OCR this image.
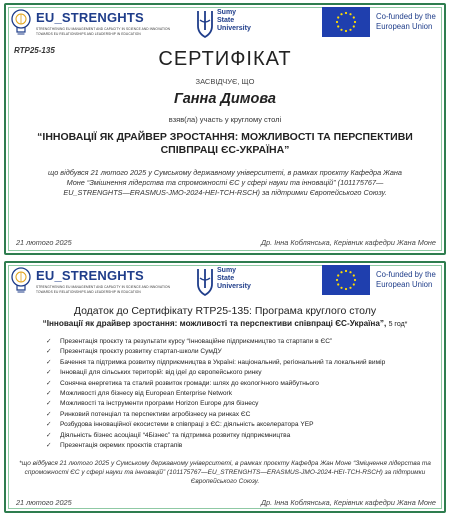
EU_STRENGHTS
STRENGTHENING EU MANAGEMENT AND CAPACITY IN SCIENCE AND INNOVATION
TOWARDS EU RELATIONSHIPS AND LEADERSHIP IN EDUCATION
Sumy
State
University
Co-funded by the
European Union
RTP25-135	СЕРТИФІКАТ
ЗАСВІДЧУЄ, ЩО
Ганна Димова
взяв(ла) участь у круглому столі
“ІННОВАЦІЇ ЯК ДРАЙВЕР ЗРОСТАННЯ: МОЖЛИВОСТІ ТА ПЕРСПЕКТИВИ СПІВПРАЦІ ЄС-УКРАЇНА”
що відбувся 21 лютого 2025 у Сумському державному університеті, в рамках проєкту Кафедра Жана Моне “Змішнення лідерства та спроможності ЄС у сфері науки та інновацій” (101175767—EU_STRENGHTS—ERASMUS-JMO-2024-HEI-TCH-RSCH) за підтримки Європейського Союзу.
21 лютого 2025	Др. Інна Коблянська, Керівник кафедри Жана Моне
EU_STRENGHTS
STRENGTHENING EU MANAGEMENT AND CAPACITY IN SCIENCE AND INNOVATION
TOWARDS EU RELATIONSHIPS AND LEADERSHIP IN EDUCATION
Sumy
State
University
Co-funded by the
European Union
Додаток до Сертифікату RTP25-135: Програма круглого столу
“Інновації як драйвер зростання: можливості та перспективи співпраці ЄС-Україна”, 5 год*
✓ Презентація проєкту та результати курсу “Інноваційне підприємництво та стартапи в ЄС”
✓ Презентація проєкту розвитку стартап-школи СумДУ
✓ Бачення та підтримка розвитку підприємництва в Україні: національний, регіональний та локальний вимір
✓ Інновації для сільських територій: від ідеї до європейського ринку
✓ Сонячна енергетика та сталий розвиток громади: шлях до екологічного майбутнього
✓ Можливості для бізнесу від European Enterprise Network
✓ Можливості та інструменти програми Horizon Europe для бізнесу
✓ Ринковий потенціал та перспективи агробізнесу на ринках ЄС
✓ Розбудова інноваційної екосистеми в співпраці з ЄС: діяльність акселератора YEP
✓ Діяльність бізнес асоціації “4Бізнес” та підтримка розвитку підприємництва
✓ Презентація окремих проєктів стартапів
*що відбувся 21 лютого 2025 у Сумському державному університеті, в рамках проєкту Кафедра Жан Моне “Зміцнення лідерства та спроможності ЄС у сфері науки та інновацій” (101175767—EU_STRENGHTS—ERASMUS-JMO-2024-HEI-TCH-RSCH) за підтримки Європейського Союзу.
21 лютого 2025	Др. Інна Коблянська, Керівник кафедри Жана Моне
